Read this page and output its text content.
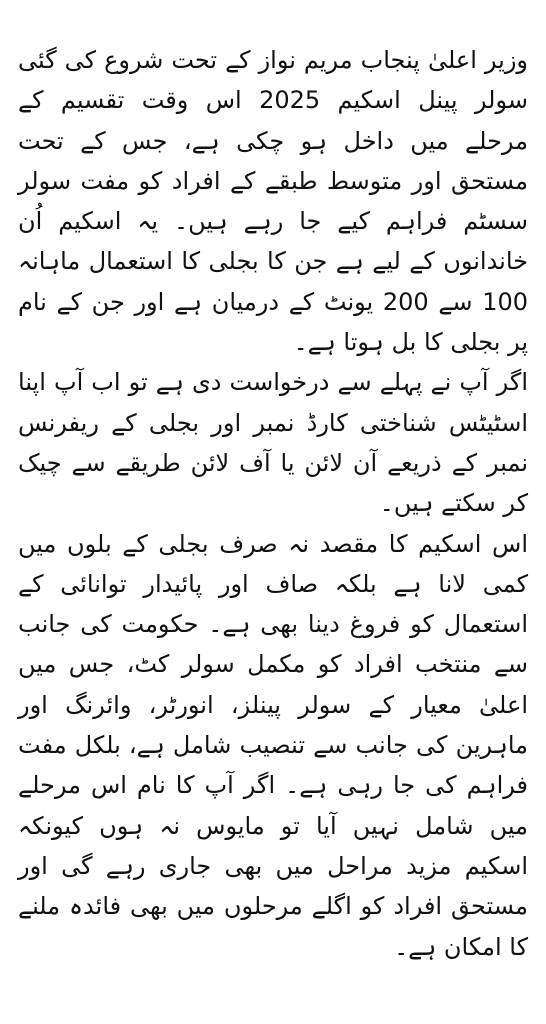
وزیر اعلیٰ پنجاب مریم نواز کے تحت شروع کی گئی سولر پینل اسکیم 2025 اس وقت تقسیم کے مرحلے میں داخل ہو چکی ہے، جس کے تحت مستحق اور متوسط طبقے کے افراد کو مفت سولر سسٹم فراہم کیے جا رہے ہیں۔ یہ اسکیم اُن خاندانوں کے لیے ہے جن کا بجلی کا استعمال ماہانہ 100 سے 200 یونٹ کے درمیان ہے اور جن کے نام پر بجلی کا بل ہوتا ہے۔

اگر آپ نے پہلے سے درخواست دی ہے تو اب آپ اپنا اسٹیٹس شناختی کارڈ نمبر اور بجلی کے ریفرنس نمبر کے ذریعے آن لائن یا آف لائن طریقے سے چیک کر سکتے ہیں۔

اس اسکیم کا مقصد نہ صرف بجلی کے بلوں میں کمی لانا ہے بلکہ صاف اور پائیدار توانائی کے استعمال کو فروغ دینا بھی ہے۔ حکومت کی جانب سے منتخب افراد کو مکمل سولر کٹ، جس میں اعلیٰ معیار کے سولر پینلز، انورٹر، وائرنگ اور ماہرین کی جانب سے تنصیب شامل ہے، بلکل مفت فراہم کی جا رہی ہے۔ اگر آپ کا نام اس مرحلے میں شامل نہیں آیا تو مایوس نہ ہوں کیونکہ اسکیم مزید مراحل میں بھی جاری رہے گی اور مستحق افراد کو اگلے مرحلوں میں بھی فائدہ ملنے کا امکان ہے۔
